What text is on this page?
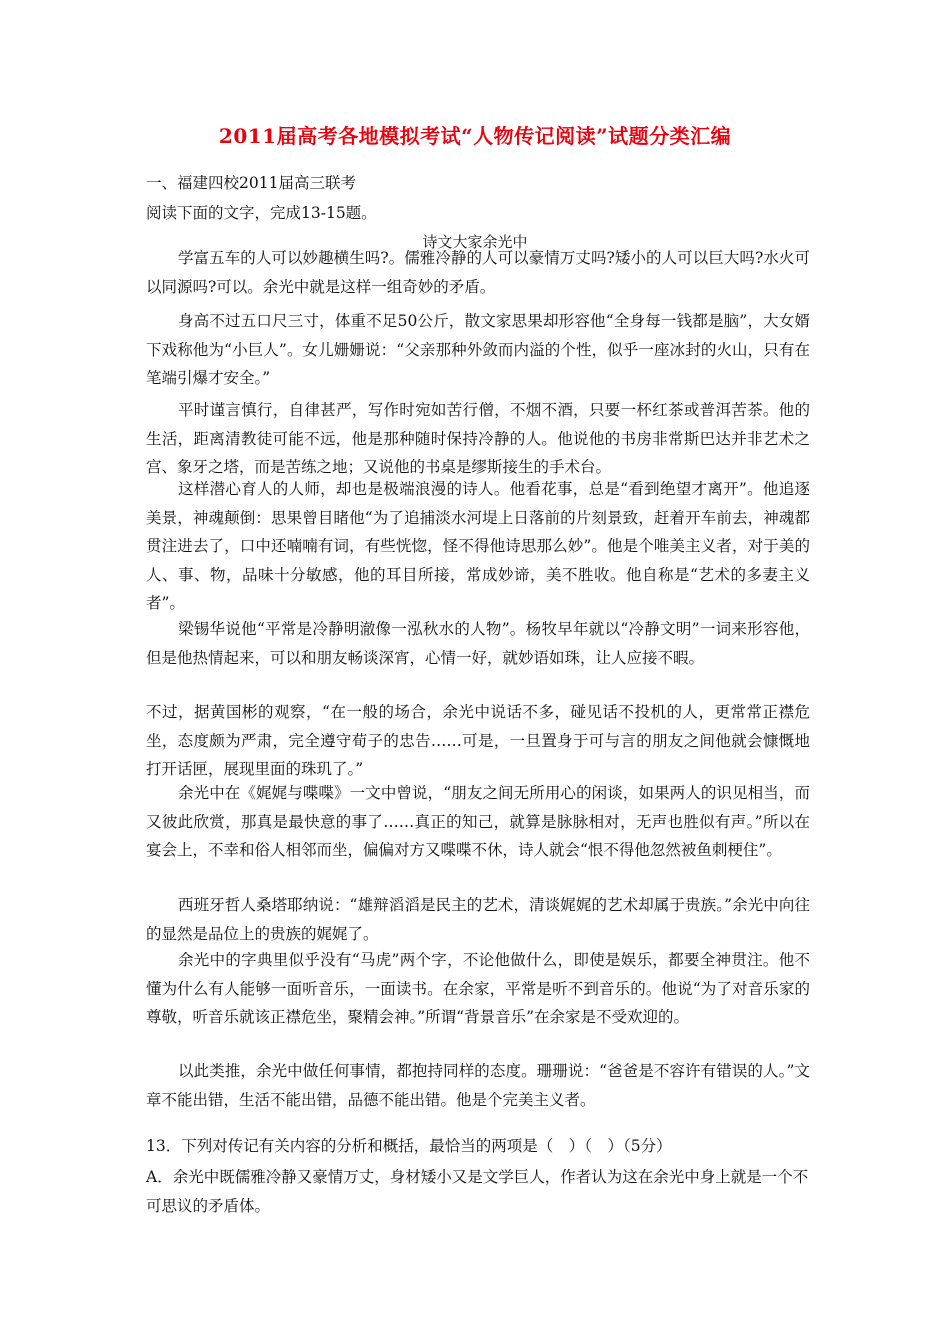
2011届高考各地模拟考试“人物传记阅读”试题分类汇编
一、福建四校2011届高三联考
阅读下面的文字，完成13-15题。
诗文大家余光中
学富五车的人可以妙趣横生吗?。儒雅冷静的人可以豪情万丈吗?矮小的人可以巨大吗?水火可以同源吗?可以。余光中就是这样一组奇妙的矛盾。
身高不过五口尺三寸，体重不足50公斤，散文家思果却形容他“全身每一钱都是脑”，大女婿下戏称他为“小巨人”。女儿姗姗说：“父亲那种外敛而内溢的个性，似乎一座冰封的火山，只有在笔端引爆才安全。”
平时谨言慎行，自律甚严，写作时宛如苦行僧，不烟不酒，只要一杯红茶或普洱苦茶。他的生活，距离清教徒可能不远，他是那种随时保持冷静的人。他说他的书房非常斯巴达并非艺术之宫、象牙之塔，而是苦练之地；又说他的书桌是缪斯接生的手术台。
这样潜心育人的人师，却也是极端浪漫的诗人。他看花事，总是“看到绝望才离开”。他追逐美景，神魂颠倒：思果曾目睹他“为了追捕淡水河堤上日落前的片刻景致，赶着开车前去，神魂都贯注进去了，口中还喃喃有词，有些恍惚，怪不得他诗思那么妙”。他是个唯美主义者，对于美的人、事、物，品味十分敏感，他的耳目所接，常成妙谛，美不胜收。他自称是“艺术的多妻主义者”。
梁锡华说他“平常是冷静明澈像一泓秋水的人物”。杨牧早年就以“冷静文明”一词来形容他，但是他热情起来，可以和朋友畅谈深宵，心情一好，就妙语如珠，让人应接不暇。
不过，据黄国彬的观察，“在一般的场合，余光中说话不多，碰见话不投机的人，更常常正襟危坐，态度颇为严肃，完全遵守荀子的忠告……可是，一旦置身于可与言的朋友之间他就会慷慨地打开话匣，展现里面的珠玑了。”
余光中在《娓娓与喋喋》一文中曾说，“朋友之间无所用心的闲谈，如果两人的识见相当，而又彼此欣赏，那真是最快意的事了……真正的知己，就算是脉脉相对，无声也胜似有声。”所以在宴会上，不幸和俗人相邻而坐，偏偏对方又喋喋不休，诗人就会“恨不得他忽然被鱼刺梗住”。
西班牙哲人桑塔耶纳说：“雄辩滔滔是民主的艺术，清谈娓娓的艺术却属于贵族。”余光中向往的显然是品位上的贵族的娓娓了。
余光中的字典里似乎没有“马虎”两个字，不论他做什么，即使是娱乐，都要全神贯注。他不懂为什么有人能够一面听音乐，一面读书。在余家，平常是听不到音乐的。他说“为了对音乐家的尊敬，听音乐就该正襟危坐，聚精会神。”所谓“背景音乐”在余家是不受欢迎的。
以此类推，余光中做任何事情，都抱持同样的态度。珊珊说：“爸爸是不容许有错误的人。”文章不能出错，生活不能出错，品德不能出错。他是个完美主义者。
13．下列对传记有关内容的分析和概括，最恰当的两项是（　）（　）（5分）
A．余光中既儒雅冷静又豪情万丈，身材矮小又是文学巨人，作者认为这在余光中身上就是一个不可思议的矛盾体。
